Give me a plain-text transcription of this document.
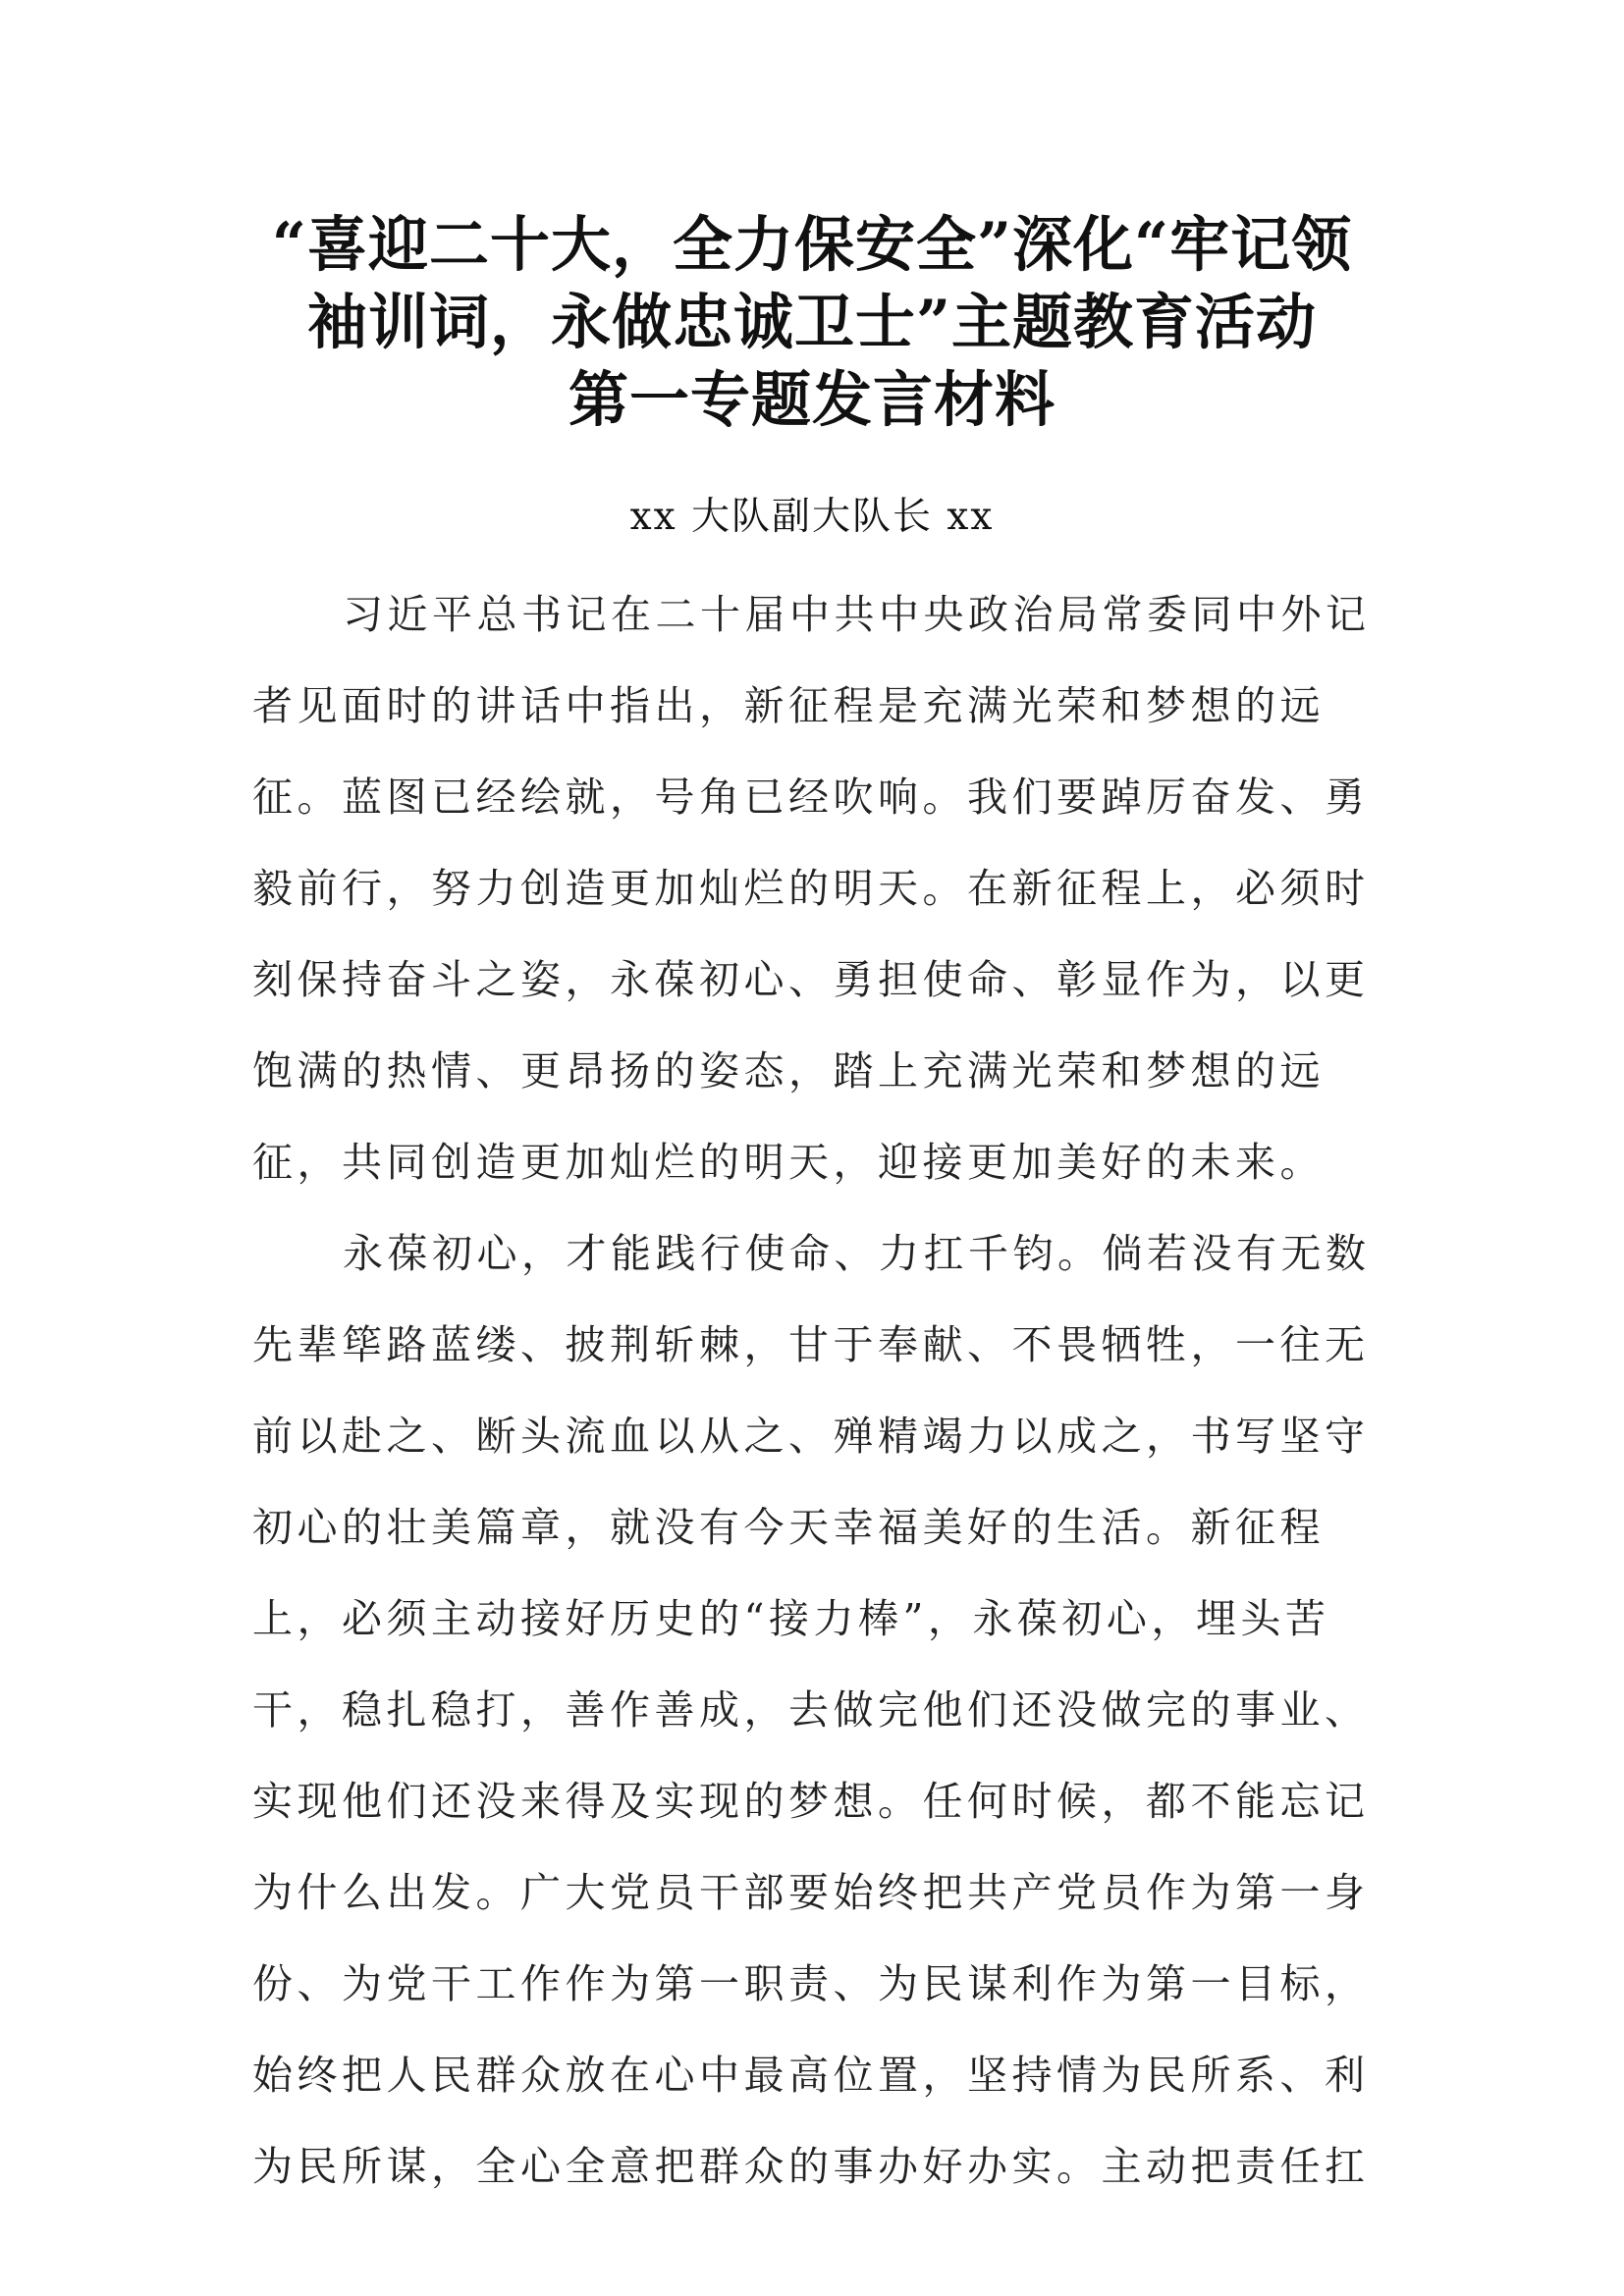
“喜迎二十大，全力保安全”深化“牢记领
袖训词，永做忠诚卫士”主题教育活动
第一专题发言材料
xx 大队副大队长 xx
习近平总书记在二十届中共中央政治局常委同中外记
者见面时的讲话中指出，新征程是充满光荣和梦想的远
征。蓝图已经绘就，号角已经吹响。我们要踔厉奋发、勇
毅前行，努力创造更加灿烂的明天。在新征程上，必须时
刻保持奋斗之姿，永葆初心、勇担使命、彰显作为，以更
饱满的热情、更昂扬的姿态，踏上充满光荣和梦想的远
征，共同创造更加灿烂的明天，迎接更加美好的未来。
永葆初心，才能践行使命、力扛千钧。倘若没有无数
先辈筚路蓝缕、披荆斩棘，甘于奉献、不畏牺牲，一往无
前以赴之、断头流血以从之、殚精竭力以成之，书写坚守
初心的壮美篇章，就没有今天幸福美好的生活。新征程
上，必须主动接好历史的“接力棒”，永葆初心，埋头苦
干，稳扎稳打，善作善成，去做完他们还没做完的事业、
实现他们还没来得及实现的梦想。任何时候，都不能忘记
为什么出发。广大党员干部要始终把共产党员作为第一身
份、为党干工作作为第一职责、为民谋利作为第一目标，
始终把人民群众放在心中最高位置，坚持情为民所系、利
为民所谋，全心全意把群众的事办好办实。主动把责任扛
